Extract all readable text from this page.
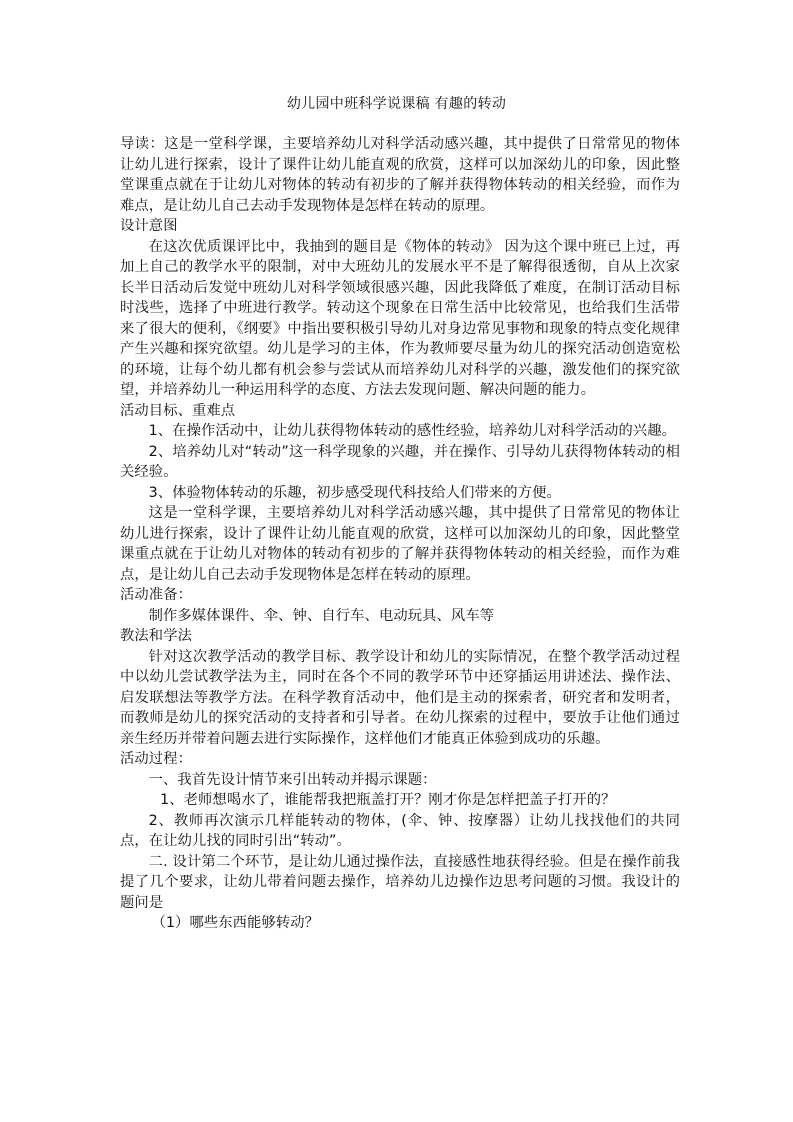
幼儿园中班科学说课稿 有趣的转动

导读：这是一堂科学课，主要培养幼儿对科学活动感兴趣，其中提供了日常常见的物体让幼儿进行探索，设计了课件让幼儿能直观的欣赏，这样可以加深幼儿的印象，因此整堂课重点就在于让幼儿对物体的转动有初步的了解并获得物体转动的相关经验，而作为难点，是让幼儿自己去动手发现物体是怎样在转动的原理。

设计意图

在这次优质课评比中，我抽到的题目是《物体的转动》 因为这个课中班已上过，再加上自己的教学水平的限制，对中大班幼儿的发展水平不是了解得很透彻，自从上次家长半日活动后发觉中班幼儿对科学领域很感兴趣，因此我降低了难度，在制订活动目标时浅些，选择了中班进行教学。转动这个现象在日常生活中比较常见，也给我们生活带来了很大的便利，《纲要》中指出要积极引导幼儿对身边常见事物和现象的特点变化规律产生兴趣和探究欲望。幼儿是学习的主体，作为教师要尽量为幼儿的探究活动创造宽松的环境，让每个幼儿都有机会参与尝试从而培养幼儿对科学的兴趣，激发他们的探究欲望，并培养幼儿一种运用科学的态度、方法去发现问题、解决问题的能力。

活动目标、重难点

1、在操作活动中，让幼儿获得物体转动的感性经验，培养幼儿对科学活动的兴趣。

2、培养幼儿对“转动”这一科学现象的兴趣，并在操作、引导幼儿获得物体转动的相关经验。

3、体验物体转动的乐趣，初步感受现代科技给人们带来的方便。

这是一堂科学课，主要培养幼儿对科学活动感兴趣，其中提供了日常常见的物体让幼儿进行探索，设计了课件让幼儿能直观的欣赏，这样可以加深幼儿的印象，因此整堂课重点就在于让幼儿对物体的转动有初步的了解并获得物体转动的相关经验，而作为难点，是让幼儿自己去动手发现物体是怎样在转动的原理。

活动准备：

制作多媒体课件、伞、钟、自行车、电动玩具、风车等

教法和学法

针对这次教学活动的教学目标、教学设计和幼儿的实际情况，在整个教学活动过程中以幼儿尝试教学法为主，同时在各个不同的教学环节中还穿插运用讲述法、操作法、启发联想法等教学方法。在科学教育活动中，他们是主动的探索者，研究者和发明者，而教师是幼儿的探究活动的支持者和引导者。在幼儿探索的过程中，要放手让他们通过亲生经历并带着问题去进行实际操作，这样他们才能真正体验到成功的乐趣。

活动过程：

一、我首先设计情节来引出转动并揭示课题：

1、老师想喝水了，谁能帮我把瓶盖打开？刚才你是怎样把盖子打开的？

2、教师再次演示几样能转动的物体，(伞、钟、按摩器）让幼儿找找他们的共同点，在让幼儿找的同时引出“转动”。

二. 设计第二个环节，是让幼儿通过操作法，直接感性地获得经验。但是在操作前我提了几个要求，让幼儿带着问题去操作，培养幼儿边操作边思考问题的习惯。我设计的题问是

（1）哪些东西能够转动？
